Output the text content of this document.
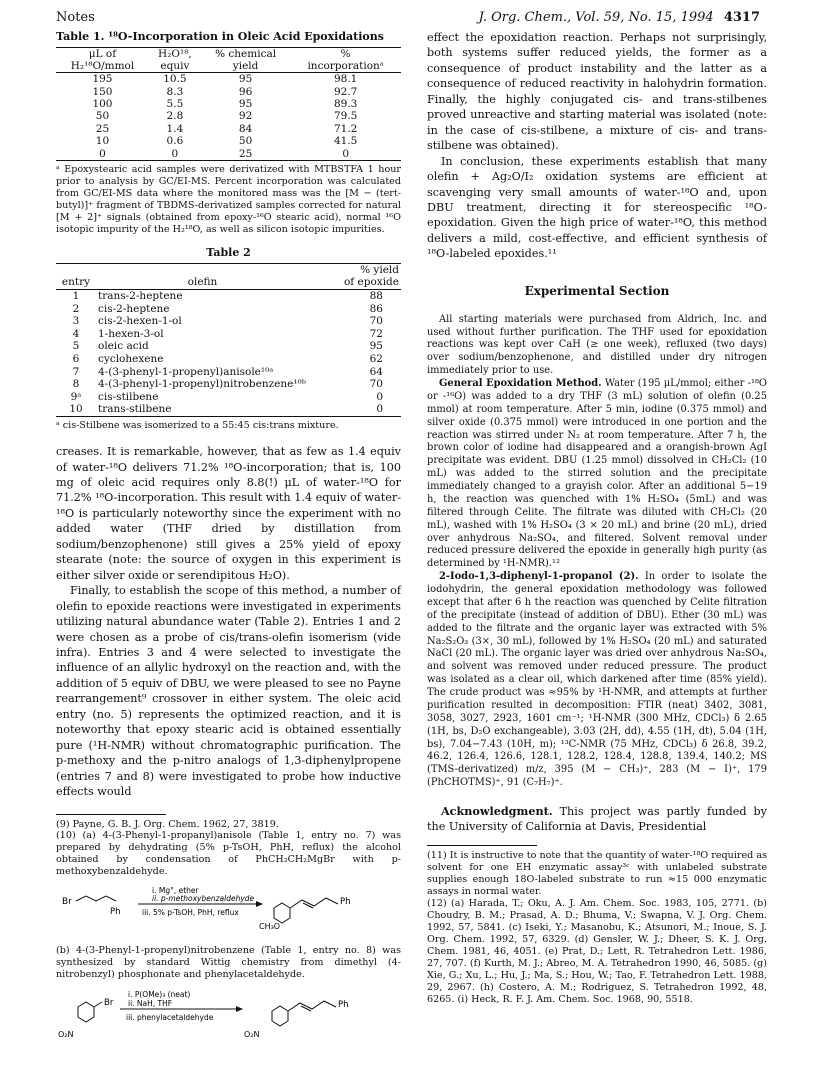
Notes	J. Org. Chem., Vol. 59, No. 15, 1994 4317
Table 1. ¹⁸O-Incorporation in Oleic Acid Epoxidations
μL of	H₂O¹⁸,	% chemical	%
H₂¹⁸O/mmol	equiv	yield	incorporationᵃ
195	10.5	95	98.1
150	8.3	96	92.7
100	5.5	95	89.3
50	2.8	92	79.5
25	1.4	84	71.2
10	0.6	50	41.5
0	0	25	0

ᵃ Epoxystearic acid samples were derivatized with MTBSTFA 1 hour prior to analysis by GC/EI-MS. Percent incorporation was calculated from GC/EI-MS data where the monitored mass was the [M − (tert-butyl)]⁺ fragment of TBDMS-derivatized samples corrected for natural [M + 2]⁺ signals (obtained from epoxy-¹⁶O stearic acid), normal ¹⁶O isotopic impurity of the H₂¹⁸O, as well as silicon isotopic impurities.

Table 2
entry	olefin	% yield
of epoxide
1	trans-2-heptene	88
2	cis-2-heptene	86
3	cis-2-hexen-1-ol	70
4	1-hexen-3-ol	72
5	oleic acid	95
6	cyclohexene	62
7	4-(3-phenyl-1-propenyl)anisole¹⁰ᵃ	64
8	4-(3-phenyl-1-propenyl)nitrobenzene¹⁰ᵇ	70
9ᵃ	cis-stilbene	0
10	trans-stilbene	0

ᵃ cis-Stilbene was isomerized to a 55:45 cis:trans mixture.

creases. It is remarkable, however, that as few as 1.4 equiv of water-¹⁸O delivers 71.2% ¹⁸O-incorporation; that is, 100 mg of oleic acid requires only 8.8(!) μL of water-¹⁸O for 71.2% ¹⁸O-incorporation. This result with 1.4 equiv of water-¹⁸O is particularly noteworthy since the experiment with no added water (THF dried by distillation from sodium/benzophenone) still gives a 25% yield of epoxy stearate (note: the source of oxygen in this experiment is either silver oxide or serendipitous H₂O).

Finally, to establish the scope of this method, a number of olefin to epoxide reactions were investigated in experiments utilizing natural abundance water (Table 2). Entries 1 and 2 were chosen as a probe of cis/trans-olefin isomerism (vide infra). Entries 3 and 4 were selected to investigate the influence of an allylic hydroxyl on the reaction and, with the addition of 5 equiv of DBU, we were pleased to see no Payne rearrangement⁹ crossover in either system. The oleic acid entry (no. 5) represents the optimized reaction, and it is noteworthy that epoxy stearic acid is obtained essentially pure (¹H-NMR) without chromatographic purification. The p-methoxy and the p-nitro analogs of 1,3-diphenylpropene (entries 7 and 8) were investigated to probe how inductive effects would

(9) Payne, G. B. J. Org. Chem. 1962, 27, 3819.
(10) (a) 4-(3-Phenyl-1-propanyl)anisole (Table 1, entry no. 7) was prepared by dehydrating (5% p-TsOH, PhH, reflux) the alcohol obtained by condensation of PhCH₂CH₂MgBr with p-methoxybenzaldehyde.
Br
Ph
i. Mg°, ether
ii. p-methoxybenzaldehyde
iii. 5% p-TsOH, PhH, reflux
Ph
CH₃O
(b) 4-(3-Phenyl-1-propenyl)nitrobenzene (Table 1, entry no. 8) was synthesized by standard Wittig chemistry from dimethyl (4-nitrobenzyl) phosphonate and phenylacetaldehyde.
O₂N
Br
i. P(OMe)₃ (neat)
ii. NaH, THF
iii. phenylacetaldehyde
Ph
O₂N

effect the epoxidation reaction. Perhaps not surprisingly, both systems suffer reduced yields, the former as a consequence of product instability and the latter as a consequence of reduced reactivity in halohydrin formation. Finally, the highly conjugated cis- and trans-stilbenes proved unreactive and starting material was isolated (note: in the case of cis-stilbene, a mixture of cis- and trans-stilbene was obtained).

In conclusion, these experiments establish that many olefin + Ag₂O/I₂ oxidation systems are efficient at scavenging very small amounts of water-¹⁸O and, upon DBU treatment, directing it for stereospecific ¹⁸O-epoxidation. Given the high price of water-¹⁸O, this method delivers a mild, cost-effective, and efficient synthesis of ¹⁸O-labeled epoxides.¹¹

Experimental Section

All starting materials were purchased from Aldrich, Inc. and used without further purification. The THF used for epoxidation reactions was kept over CaH (≥ one week), refluxed (two days) over sodium/benzophenone, and distilled under dry nitrogen immediately prior to use.

General Epoxidation Method. Water (195 μL/mmol; either -¹⁸O or -¹⁶O) was added to a dry THF (3 mL) solution of olefin (0.25 mmol) at room temperature. After 5 min, iodine (0.375 mmol) and silver oxide (0.375 mmol) were introduced in one portion and the reaction was stirred under N₂ at room temperature. After 7 h, the brown color of iodine had disappeared and a orangish-brown AgI precipitate was evident. DBU (1.25 mmol) dissolved in CH₂Cl₂ (10 mL) was added to the stirred solution and the precipitate immediately changed to a grayish color. After an additional 5−19 h, the reaction was quenched with 1% H₂SO₄ (5mL) and was filtered through Celite. The filtrate was diluted with CH₂Cl₂ (20 mL), washed with 1% H₂SO₄ (3 × 20 mL) and brine (20 mL), dried over anhydrous Na₂SO₄, and filtered. Solvent removal under reduced pressure delivered the epoxide in generally high purity (as determined by ¹H-NMR).¹²

2-Iodo-1,3-diphenyl-1-propanol (2). In order to isolate the iodohydrin, the general epoxidation methodology was followed except that after 6 h the reaction was quenched by Celite filtration of the precipitate (instead of addition of DBU). Ether (30 mL) was added to the filtrate and the organic layer was extracted with 5% Na₂S₂O₃ (3×, 30 mL), followed by 1% H₂SO₄ (20 mL) and saturated NaCl (20 mL). The organic layer was dried over anhydrous Na₂SO₄, and solvent was removed under reduced pressure. The product was isolated as a clear oil, which darkened after time (85% yield). The crude product was ≈95% by ¹H-NMR, and attempts at further purification resulted in decomposition: FTIR (neat) 3402, 3081, 3058, 3027, 2923, 1601 cm⁻¹; ¹H-NMR (300 MHz, CDCl₃) δ 2.65 (1H, bs, D₂O exchangeable), 3.03 (2H, dd), 4.55 (1H, dt), 5.04 (1H, bs), 7.04−7.43 (10H, m); ¹³C-NMR (75 MHz, CDCl₃) δ 26.8, 39.2, 46.2, 126.4, 126.6, 128.1, 128.2, 128.4, 128.8, 139.4, 140.2; MS (TMS-derivatized) m/z, 395 (M − CH₃)⁺, 283 (M − I)⁺, 179 (PhCHOTMS)⁺, 91 (C₇H₇)⁺.

Acknowledgment. This project was partly funded by the University of California at Davis, Presidential

(11) It is instructive to note that the quantity of water-¹⁸O required as solvent for one EH enzymatic assay³ᶜ with unlabeled substrate supplies enough 18O-labeled substrate to run ≈15 000 enzymatic assays in normal water.
(12) (a) Harada, T.; Oku, A. J. Am. Chem. Soc. 1983, 105, 2771. (b) Choudry, B. M.; Prasad, A. D.; Bhuma, V.; Swapna, V. J. Org. Chem. 1992, 57, 5841. (c) Iseki, Y.; Masanobu, K.; Atsunori, M.; Inoue, S. J. Org. Chem. 1992, 57, 6329. (d) Gensler, W. J.; Dheer, S. K. J. Org. Chem. 1981, 46, 4051. (e) Prat, D.; Lett, R. Tetrahedron Lett. 1986, 27, 707. (f) Kurth, M. J.; Abreo, M. A. Tetrahedron 1990, 46, 5085. (g) Xie, G.; Xu, L.; Hu, J.; Ma, S.; Hou, W.; Tao, F. Tetrahedron Lett. 1988, 29, 2967. (h) Costero, A. M.; Rodriguez, S. Tetrahedron 1992, 48, 6265. (i) Heck, R. F. J. Am. Chem. Soc. 1968, 90, 5518.
